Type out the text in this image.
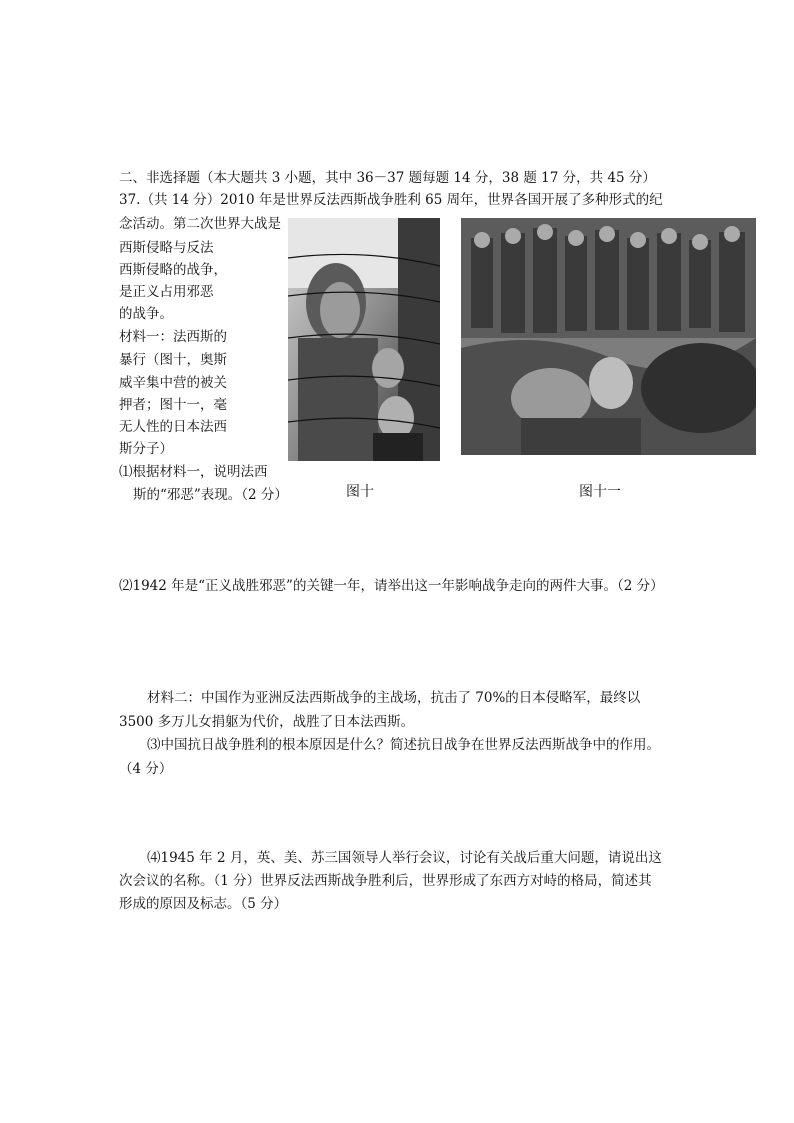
二、非选择题（本大题共 3 小题，其中 36－37 题每题 14 分，38 题 17 分，共 45 分）
37.（共 14 分）2010 年是世界反法西斯战争胜利 65 周年，世界各国开展了多种形式的纪
念活动。第二次世界大战是
西斯侵略与反法
西斯侵略的战争，
是正义占用邪恶
的战争。
材料一：法西斯的
暴行（图十，奥斯
威辛集中营的被关
押者；图十一，毫
无人性的日本法西
斯分子）
⑴根据材料一，说明法西
斯的“邪恶”表现。（2 分）	图十	图十一
⑵1942 年是“正义战胜邪恶”的关键一年，请举出这一年影响战争走向的两件大事。（2 分）
材料二：中国作为亚洲反法西斯战争的主战场，抗击了 70%的日本侵略军，最终以
3500 多万儿女捐躯为代价，战胜了日本法西斯。
⑶中国抗日战争胜利的根本原因是什么？简述抗日战争在世界反法西斯战争中的作用。
（4 分）
⑷1945 年 2 月，英、美、苏三国领导人举行会议，讨论有关战后重大问题，请说出这
次会议的名称。（1 分）世界反法西斯战争胜利后，世界形成了东西方对峙的格局，简述其
形成的原因及标志。（5 分）
